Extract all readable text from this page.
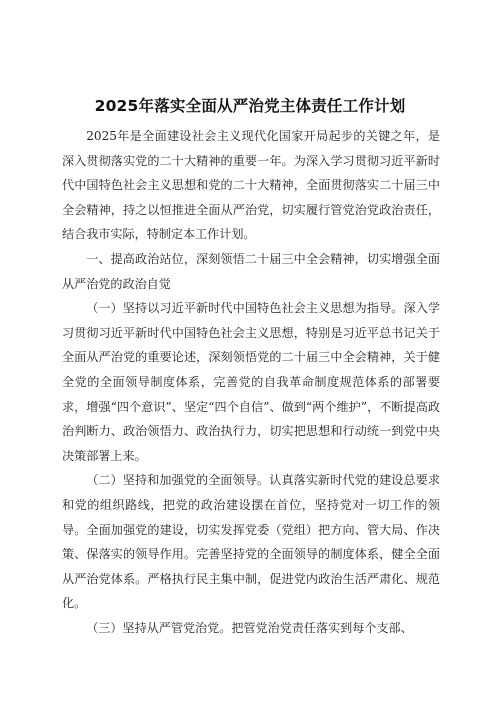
2025年落实全面从严治党主体责任工作计划

2025年是全面建设社会主义现代化国家开局起步的关键之年，是深入贯彻落实党的二十大精神的重要一年。为深入学习贯彻习近平新时代中国特色社会主义思想和党的二十大精神，全面贯彻落实二十届三中全会精神，持之以恒推进全面从严治党，切实履行管党治党政治责任，结合我市实际，特制定本工作计划。

一、提高政治站位，深刻领悟二十届三中全会精神，切实增强全面从严治党的政治自觉

（一）坚持以习近平新时代中国特色社会主义思想为指导。深入学习贯彻习近平新时代中国特色社会主义思想，特别是习近平总书记关于全面从严治党的重要论述，深刻领悟党的二十届三中全会精神，关于健全党的全面领导制度体系，完善党的自我革命制度规范体系的部署要求，增强“四个意识”、坚定“四个自信”、做到“两个维护”，不断提高政治判断力、政治领悟力、政治执行力，切实把思想和行动统一到党中央决策部署上来。

（二）坚持和加强党的全面领导。认真落实新时代党的建设总要求和党的组织路线，把党的政治建设摆在首位，坚持党对一切工作的领导。全面加强党的建设，切实发挥党委（党组）把方向、管大局、作决策、保落实的领导作用。完善坚持党的全面领导的制度体系，健全全面从严治党体系。严格执行民主集中制，促进党内政治生活严肃化、规范化。

（三）坚持从严管党治党。把管党治党责任落实到每个支部、
